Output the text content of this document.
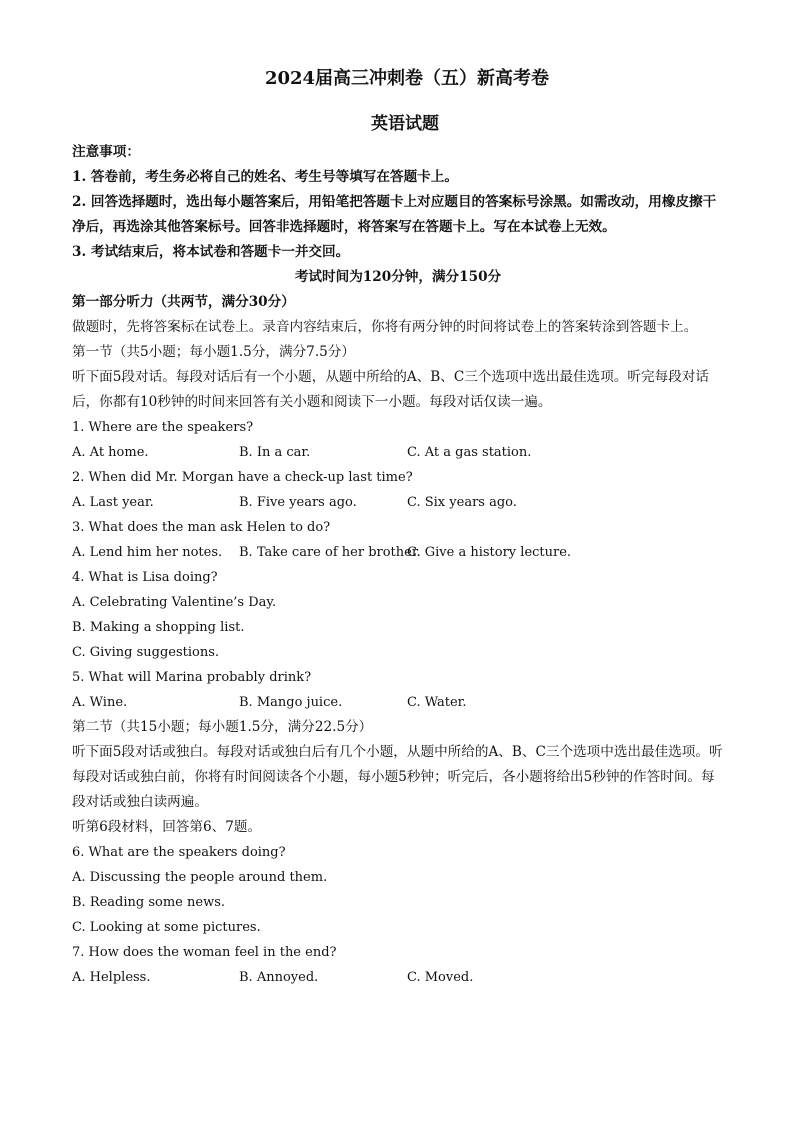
2024届高三冲刺卷（五）新高考卷
英语试题
注意事项：
1. 答卷前，考生务必将自己的姓名、考生号等填写在答题卡上。
2. 回答选择题时，选出每小题答案后，用铅笔把答题卡上对应题目的答案标号涂黑。如需改动，用橡皮擦干净后，再选涂其他答案标号。回答非选择题时，将答案写在答题卡上。写在本试卷上无效。
3. 考试结束后，将本试卷和答题卡一并交回。
考试时间为120分钟，满分150分
第一部分听力（共两节，满分30分）
做题时，先将答案标在试卷上。录音内容结束后，你将有两分钟的时间将试卷上的答案转涂到答题卡上。
第一节（共5小题；每小题1.5分，满分7.5分）
听下面5段对话。每段对话后有一个小题，从题中所给的A、B、C三个选项中选出最佳选项。听完每段对话后，你都有10秒钟的时间来回答有关小题和阅读下一小题。每段对话仅读一遍。
1. Where are the speakers?
A. At home.	B. In a car.	C. At a gas station.
2. When did Mr. Morgan have a check-up last time?
A. Last year.	B. Five years ago.	C. Six years ago.
3. What does the man ask Helen to do?
A. Lend him her notes.	B. Take care of her brother.
C. Give a history lecture.
4. What is Lisa doing?
A. Celebrating Valentine’s Day.
B. Making a shopping list.
C. Giving suggestions.
5. What will Marina probably drink?
A. Wine.	B. Mango juice.	C. Water.
第二节（共15小题；每小题1.5分，满分22.5分）
听下面5段对话或独白。每段对话或独白后有几个小题，从题中所给的A、B、C三个选项中选出最佳选项。听每段对话或独白前，你将有时间阅读各个小题，每小题5秒钟；听完后，各小题将给出5秒钟的作答时间。每段对话或独白读两遍。
听第6段材料，回答第6、7题。
6. What are the speakers doing?
A. Discussing the people around them.
B. Reading some news.
C. Looking at some pictures.
7. How does the woman feel in the end?
A. Helpless.	B. Annoyed.	C. Moved.
